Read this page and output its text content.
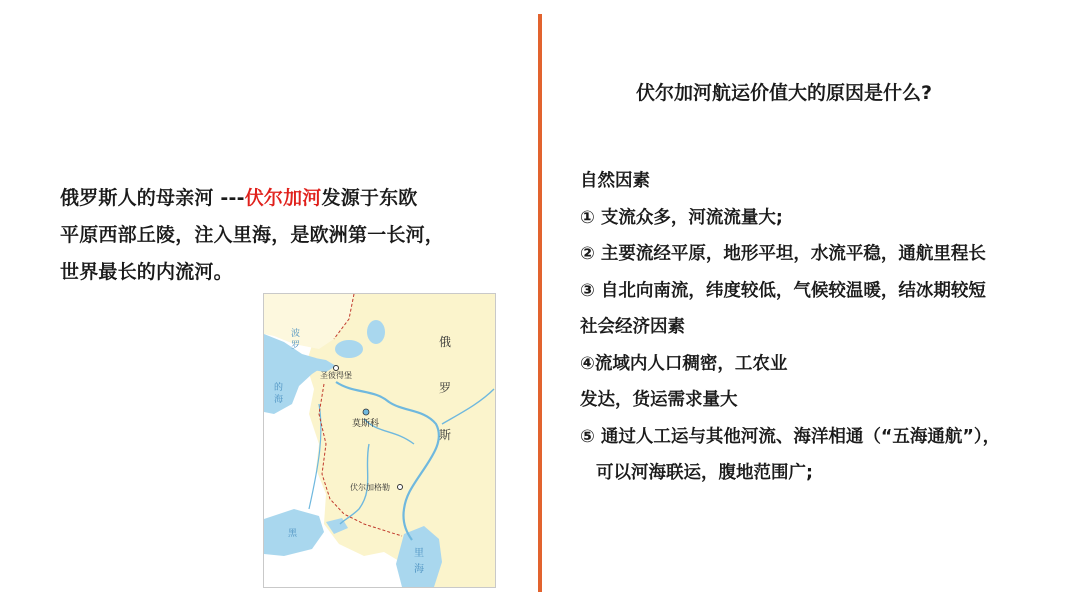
俄罗斯人的母亲河 ---伏尔加河发源于东欧
平原西部丘陵，注入里海，是欧洲第一长河，
世界最长的内流河。
圣彼得堡
莫斯科
伏尔加格勒
俄
罗
斯
波
罗
的
海
黑
里
海
伏尔加河航运价值大的原因是什么?
自然因素
① 支流众多，河流流量大;
② 主要流经平原，地形平坦，水流平稳，通航里程长
③ 自北向南流，纬度较低，气候较温暖，结冰期较短
社会经济因素
④流域内人口稠密，工农业
发达，货运需求量大
⑤ 通过人工运与其他河流、海洋相通（“五海通航”），
可以河海联运，腹地范围广;
